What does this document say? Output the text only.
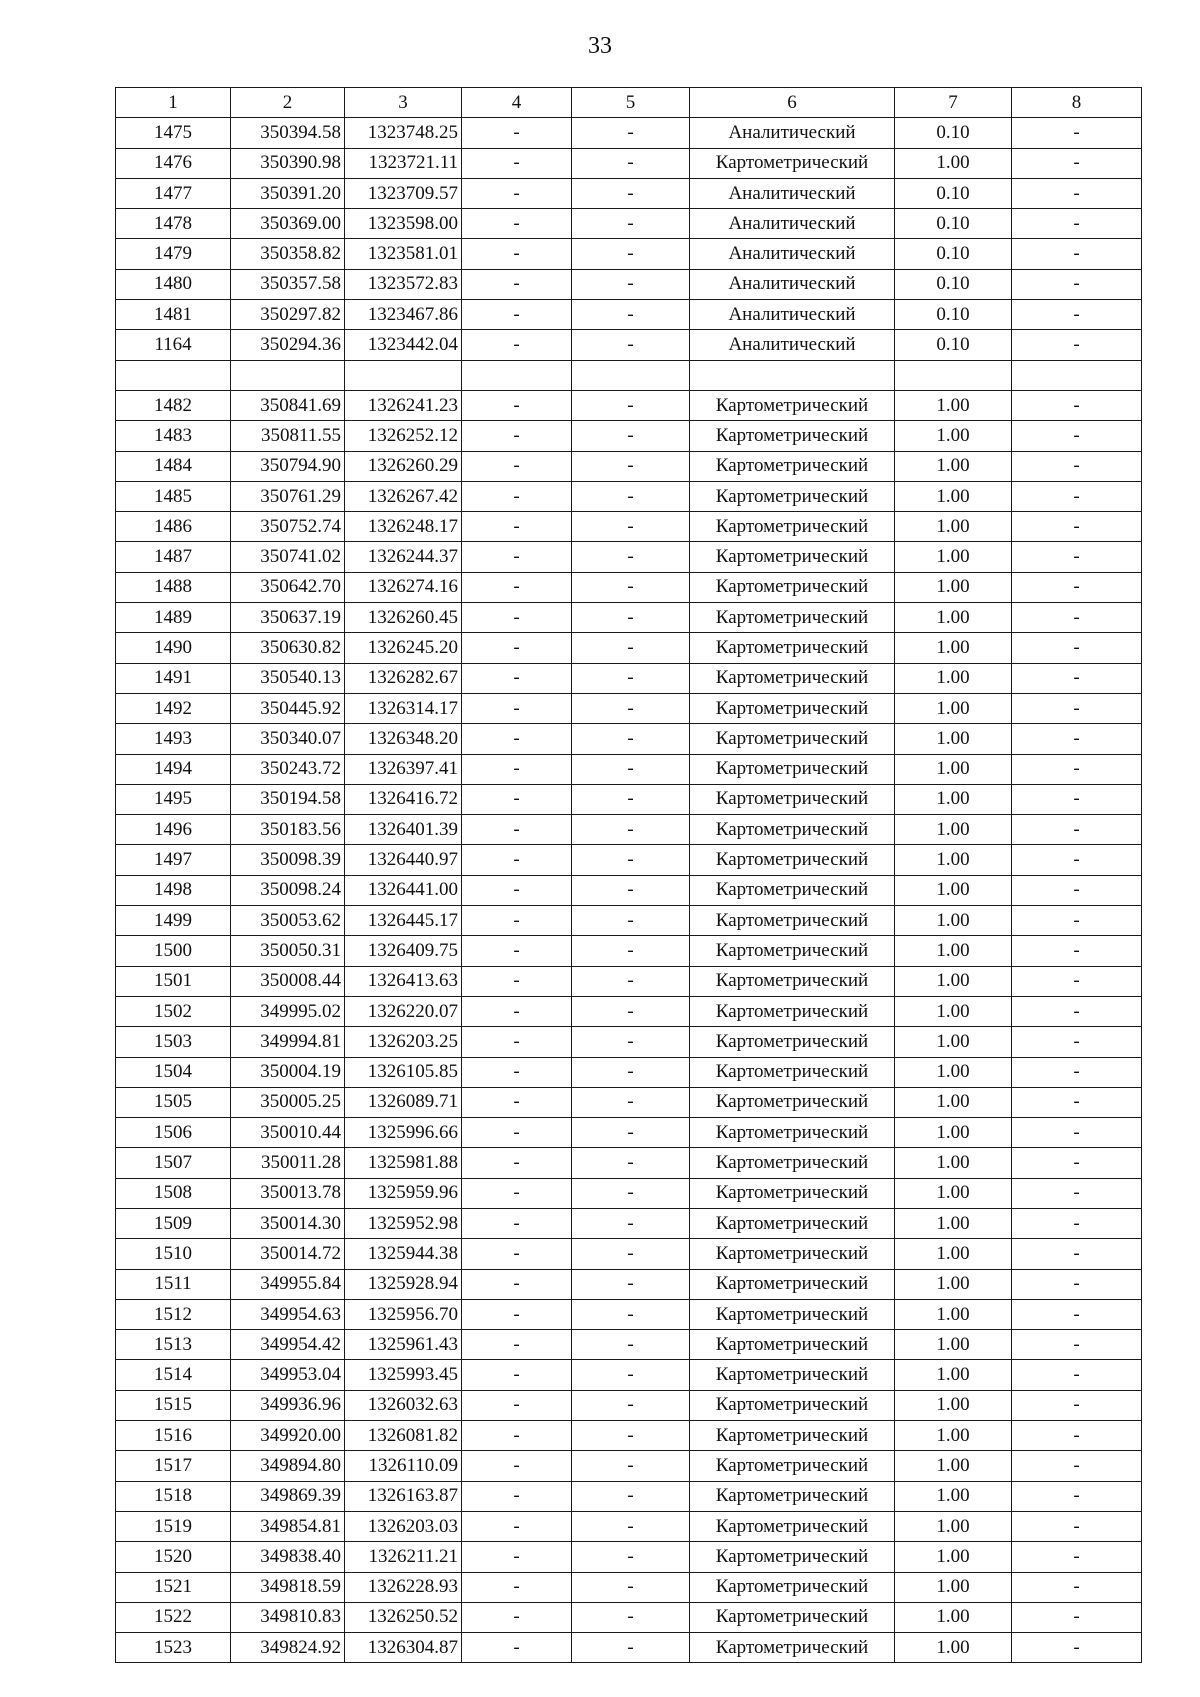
33
1	2	3	4	5	6	7	8
1475	350394.58	1323748.25	-	-	Аналитический	0.10	-
1476	350390.98	1323721.11	-	-	Картометрический	1.00	-
1477	350391.20	1323709.57	-	-	Аналитический	0.10	-
1478	350369.00	1323598.00	-	-	Аналитический	0.10	-
1479	350358.82	1323581.01	-	-	Аналитический	0.10	-
1480	350357.58	1323572.83	-	-	Аналитический	0.10	-
1481	350297.82	1323467.86	-	-	Аналитический	0.10	-
1164	350294.36	1323442.04	-	-	Аналитический	0.10	-

1482	350841.69	1326241.23	-	-	Картометрический	1.00	-
1483	350811.55	1326252.12	-	-	Картометрический	1.00	-
1484	350794.90	1326260.29	-	-	Картометрический	1.00	-
1485	350761.29	1326267.42	-	-	Картометрический	1.00	-
1486	350752.74	1326248.17	-	-	Картометрический	1.00	-
1487	350741.02	1326244.37	-	-	Картометрический	1.00	-
1488	350642.70	1326274.16	-	-	Картометрический	1.00	-
1489	350637.19	1326260.45	-	-	Картометрический	1.00	-
1490	350630.82	1326245.20	-	-	Картометрический	1.00	-
1491	350540.13	1326282.67	-	-	Картометрический	1.00	-
1492	350445.92	1326314.17	-	-	Картометрический	1.00	-
1493	350340.07	1326348.20	-	-	Картометрический	1.00	-
1494	350243.72	1326397.41	-	-	Картометрический	1.00	-
1495	350194.58	1326416.72	-	-	Картометрический	1.00	-
1496	350183.56	1326401.39	-	-	Картометрический	1.00	-
1497	350098.39	1326440.97	-	-	Картометрический	1.00	-
1498	350098.24	1326441.00	-	-	Картометрический	1.00	-
1499	350053.62	1326445.17	-	-	Картометрический	1.00	-
1500	350050.31	1326409.75	-	-	Картометрический	1.00	-
1501	350008.44	1326413.63	-	-	Картометрический	1.00	-
1502	349995.02	1326220.07	-	-	Картометрический	1.00	-
1503	349994.81	1326203.25	-	-	Картометрический	1.00	-
1504	350004.19	1326105.85	-	-	Картометрический	1.00	-
1505	350005.25	1326089.71	-	-	Картометрический	1.00	-
1506	350010.44	1325996.66	-	-	Картометрический	1.00	-
1507	350011.28	1325981.88	-	-	Картометрический	1.00	-
1508	350013.78	1325959.96	-	-	Картометрический	1.00	-
1509	350014.30	1325952.98	-	-	Картометрический	1.00	-
1510	350014.72	1325944.38	-	-	Картометрический	1.00	-
1511	349955.84	1325928.94	-	-	Картометрический	1.00	-
1512	349954.63	1325956.70	-	-	Картометрический	1.00	-
1513	349954.42	1325961.43	-	-	Картометрический	1.00	-
1514	349953.04	1325993.45	-	-	Картометрический	1.00	-
1515	349936.96	1326032.63	-	-	Картометрический	1.00	-
1516	349920.00	1326081.82	-	-	Картометрический	1.00	-
1517	349894.80	1326110.09	-	-	Картометрический	1.00	-
1518	349869.39	1326163.87	-	-	Картометрический	1.00	-
1519	349854.81	1326203.03	-	-	Картометрический	1.00	-
1520	349838.40	1326211.21	-	-	Картометрический	1.00	-
1521	349818.59	1326228.93	-	-	Картометрический	1.00	-
1522	349810.83	1326250.52	-	-	Картометрический	1.00	-
1523	349824.92	1326304.87	-	-	Картометрический	1.00	-
